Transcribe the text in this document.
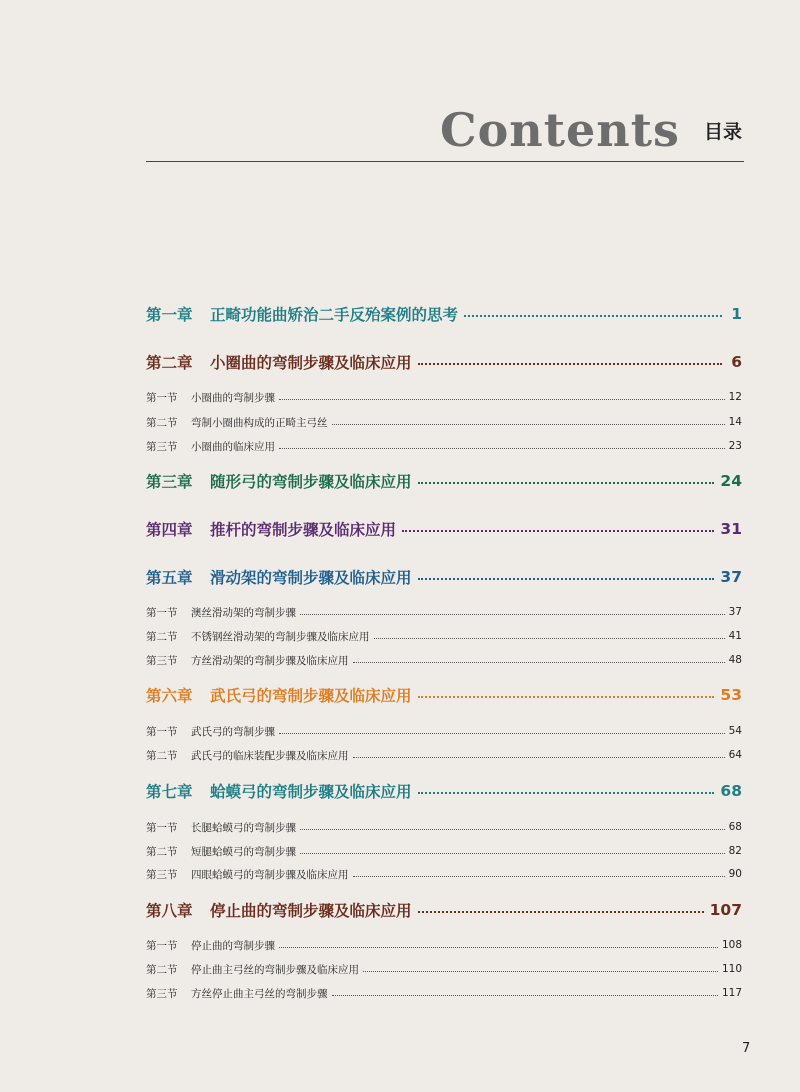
Contents 目录
第一章	正畸功能曲矫治二手反殆案例的思考	1
第二章	小圈曲的弯制步骤及临床应用	6
第一节	小圈曲的弯制步骤	12
第二节	弯制小圈曲构成的正畸主弓丝	14
第三节	小圈曲的临床应用	23
第三章	随形弓的弯制步骤及临床应用	24
第四章	推杆的弯制步骤及临床应用	31
第五章	滑动架的弯制步骤及临床应用	37
第一节	澳丝滑动架的弯制步骤	37
第二节	不锈钢丝滑动架的弯制步骤及临床应用	41
第三节	方丝滑动架的弯制步骤及临床应用	48
第六章	武氏弓的弯制步骤及临床应用	53
第一节	武氏弓的弯制步骤	54
第二节	武氏弓的临床装配步骤及临床应用	64
第七章	蛤蟆弓的弯制步骤及临床应用	68
第一节	长腿蛤蟆弓的弯制步骤	68
第二节	短腿蛤蟆弓的弯制步骤	82
第三节	四眼蛤蟆弓的弯制步骤及临床应用	90
第八章	停止曲的弯制步骤及临床应用	107
第一节	停止曲的弯制步骤	108
第二节	停止曲主弓丝的弯制步骤及临床应用	110
第三节	方丝停止曲主弓丝的弯制步骤	117
7
